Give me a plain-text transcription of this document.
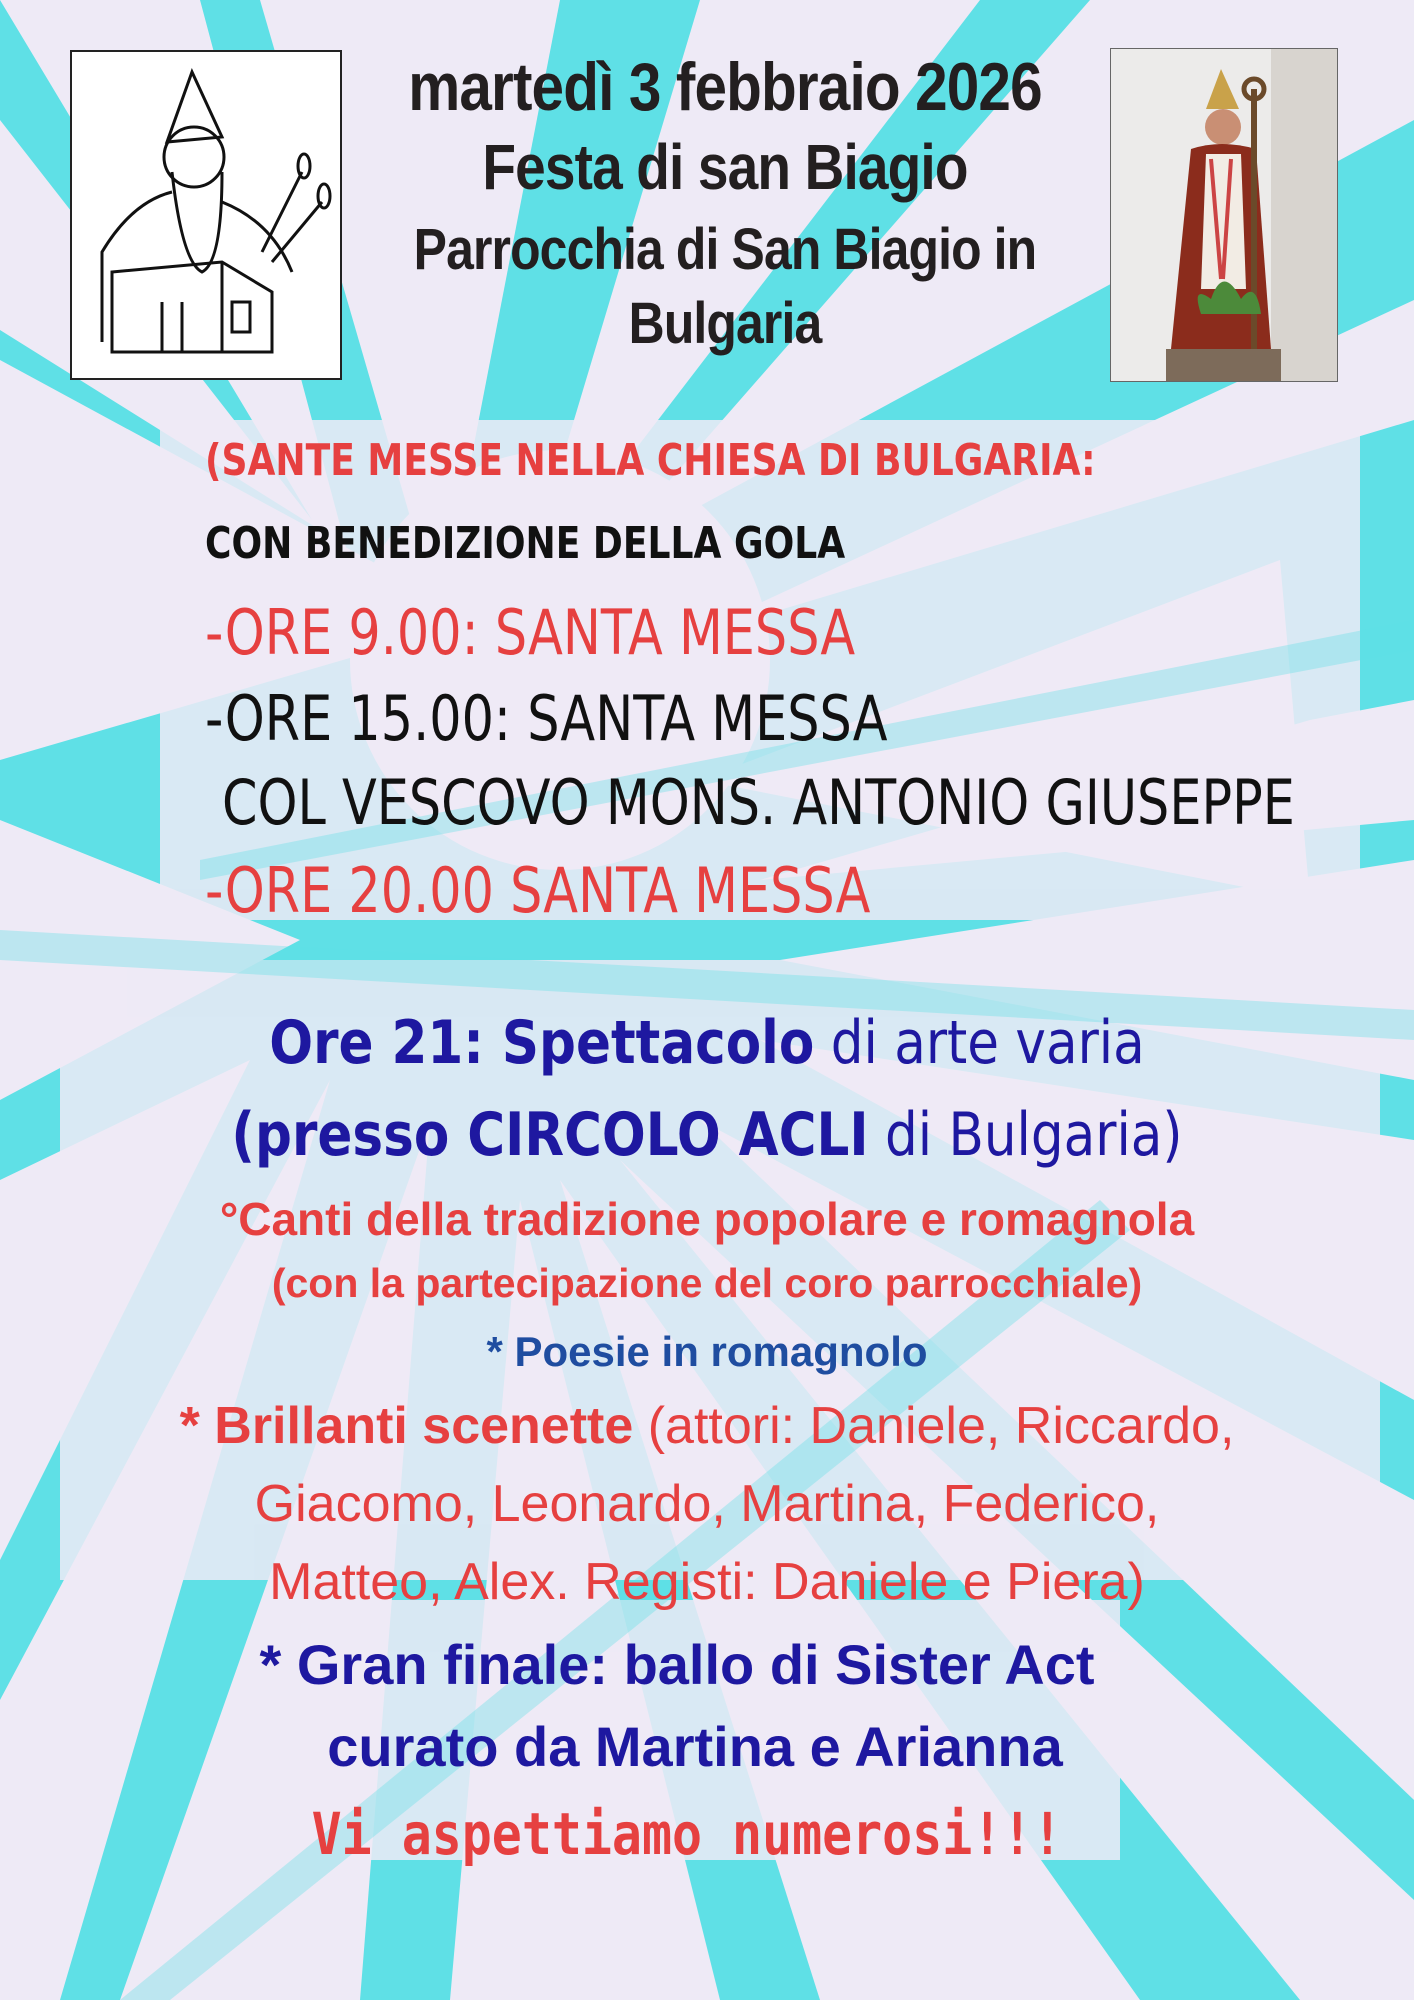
martedì 3 febbraio 2026
Festa di san Biagio
Parrocchia di San Biagio in
Bulgaria
(SANTE MESSE NELLA CHIESA DI BULGARIA:
CON BENEDIZIONE DELLA GOLA
-ORE 9.00: SANTA MESSA
-ORE 15.00: SANTA MESSA
COL VESCOVO MONS. ANTONIO GIUSEPPE
-ORE 20.00 SANTA MESSA
Ore 21: Spettacolo di arte varia
(presso CIRCOLO ACLI di Bulgaria)
°Canti della tradizione popolare e romagnola
(con la partecipazione del coro parrocchiale)
* Poesie in romagnolo
* Brillanti scenette (attori: Daniele, Riccardo,
Giacomo, Leonardo, Martina, Federico,
Matteo, Alex. Registi: Daniele e Piera)
* Gran finale: ballo di Sister Act
curato da Martina e Arianna
Vi aspettiamo numerosi!!!
